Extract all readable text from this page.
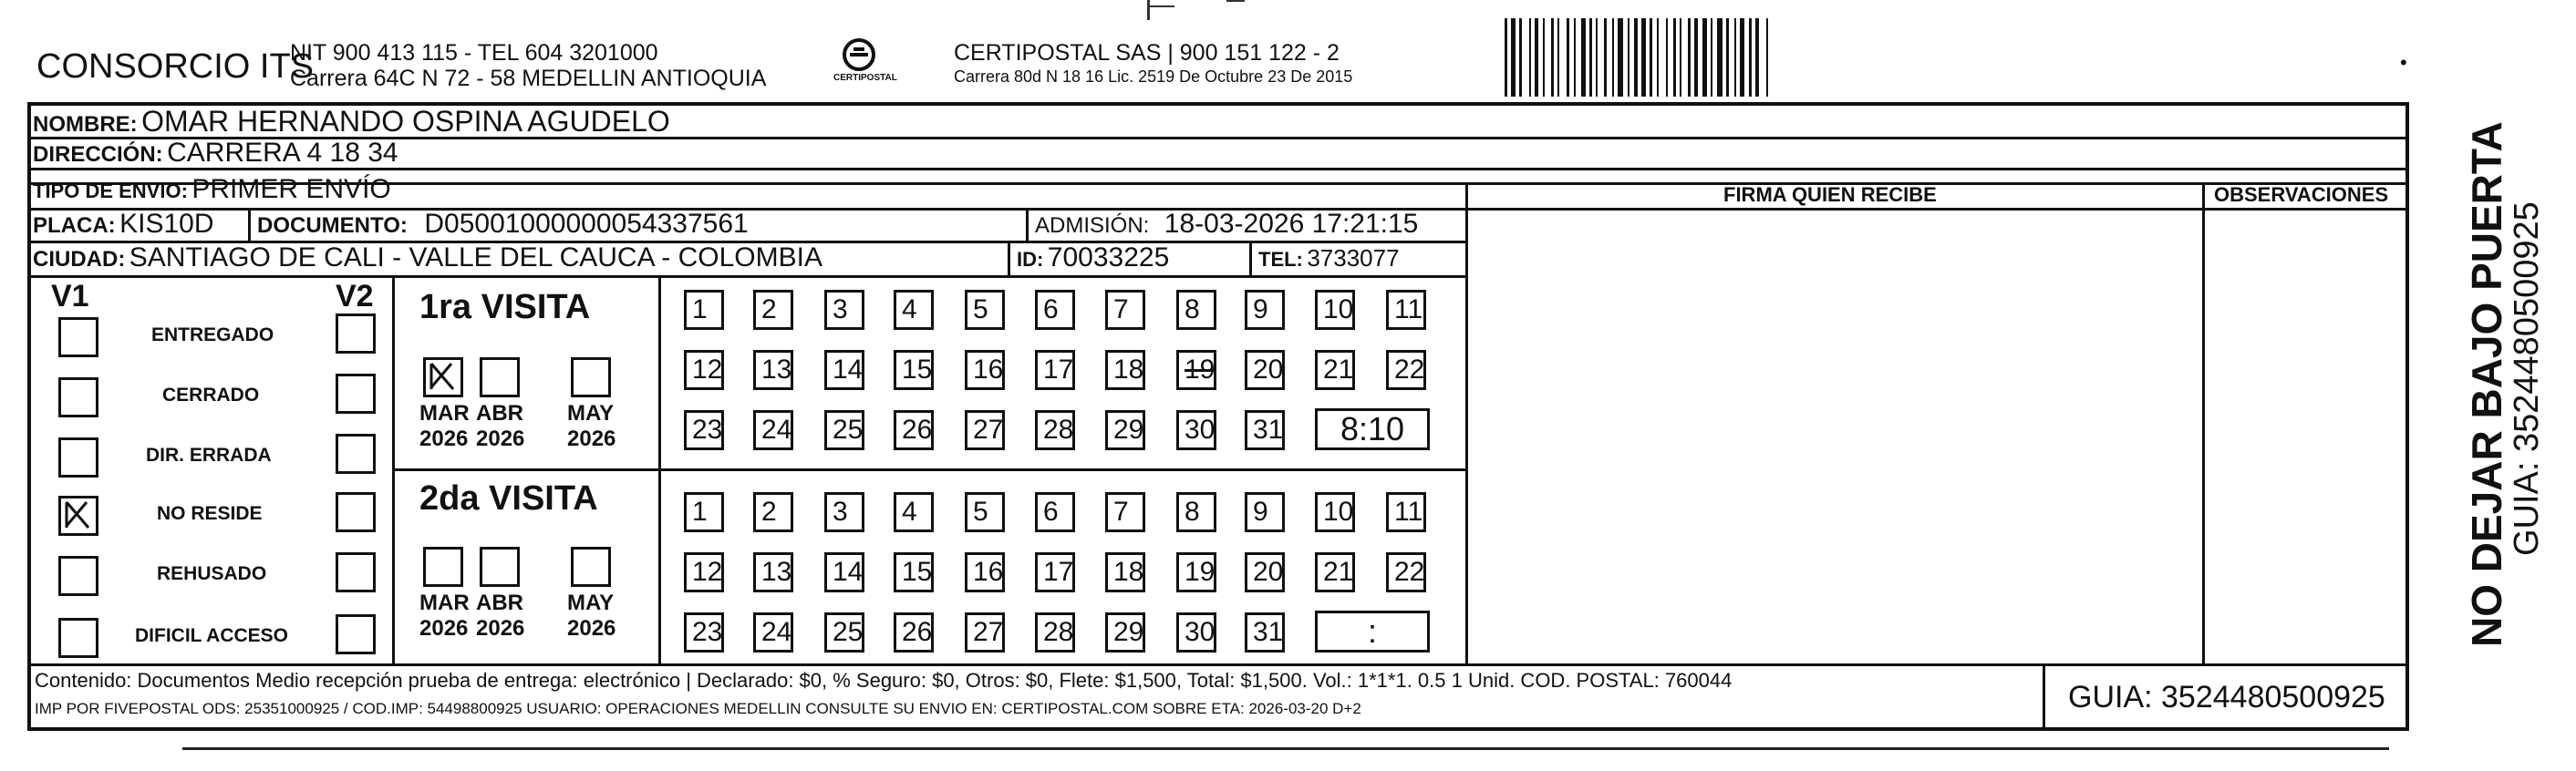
CONSORCIO ITS
NIT 900 413 115 - TEL 604 3201000
Carrera 64C N 72 - 58 MEDELLIN ANTIOQUIA	CERTIPOSTAL
CERTIPOSTAL SAS | 900 151 122 - 2
Carrera 80d N 18 16 Lic. 2519 De Octubre 23 De 2015
NOMBRE: OMAR HERNANDO OSPINA AGUDELO
DIRECCIÓN: CARRERA 4 18 34
TIPO DE ENVIO: PRIMER ENVÍO
PLACA: KIS10D DOCUMENTO: D05001000000054337561	ADMISIÓN: 18-03-2026 17:21:15
CIUDAD: SANTIAGO DE CALI - VALLE DEL CAUCA - COLOMBIA	ID: 70033225	TEL: 3733077
FIRMA QUIEN RECIBE	OBSERVACIONES
V1	V2 1ra VISITA
2da VISITA
Contenido: Documentos Medio recepción prueba de entrega: electrónico | Declarado: $0, % Seguro: $0, Otros: $0, Flete: $1,500, Total: $1,500. Vol.: 1*1*1. 0.5 1 Unid. COD. POSTAL: 760044
IMP POR FIVEPOSTAL ODS: 25351000925 / COD.IMP: 54498800925 USUARIO: OPERACIONES MEDELLIN CONSULTE SU ENVIO EN: CERTIPOSTAL.COM SOBRE ETA: 2026-03-20 D+2	GUIA: 3524480500925
NO DEJAR BAJO PUERTA
GUIA: 3524480500925
•
ENTREGADO
CERRADO
DIR. ERRADA
NO RESIDE
REHUSADO
DIFICIL ACCESO
MAR
2026
ABR
2026
MAY
2026
MAR
2026
ABR
2026
MAY
2026
1	2	3	4	5	6	7	8	9	10	11
12	13	14	15	16	17	18	19	20	21	22
23	24	25	26	27	28	29	30	31	8:10
1	2	3	4	5	6	7	8	9	10	11
12	13	14	15	16	17	18	19	20	21	22
23	24	25	26	27	28	29	30	31	:
